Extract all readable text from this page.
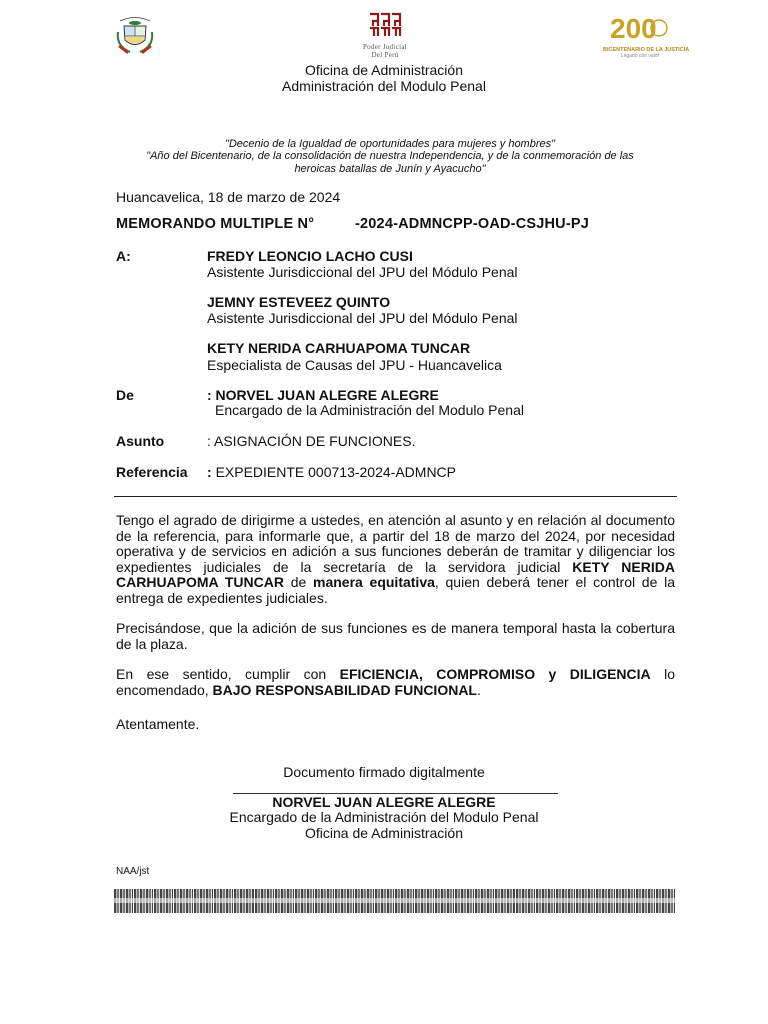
Poder Judicial
Del Perú
200
años
BICENTENARIO DE LA JUSTICIA
Legado con valor
Oficina de Administración
Administración del Modulo Penal
"Decenio de la Igualdad de oportunidades para mujeres y hombres"
"Año del Bicentenario, de la consolidación de nuestra Independencia, y de la conmemoración de las
heroicas batallas de Junín y Ayacucho"
Huancavelica, 18 de marzo de 2024
MEMORANDO MULTIPLE N°	-2024-ADMNCPP-OAD-CSJHU-PJ
A:	FREDY LEONCIO LACHO CUSI
Asistente Jurisdiccional del JPU del Módulo Penal
JEMNY ESTEVEEZ QUINTO
Asistente Jurisdiccional del JPU del Módulo Penal
KETY NERIDA CARHUAPOMA TUNCAR
Especialista de Causas del JPU - Huancavelica
De	: NORVEL JUAN ALEGRE ALEGRE
Encargado de la Administración del Modulo Penal
Asunto	: ASIGNACIÓN DE FUNCIONES.
Referencia : EXPEDIENTE 000713-2024-ADMNCP
Tengo el agrado de dirigirme a ustedes, en atención al asunto y en relación al documento de la referencia, para informarle que, a partir del 18 de marzo del 2024, por necesidad operativa y de servicios en adición a sus funciones deberán de tramitar y diligenciar los expedientes judiciales de la secretaría de la servidora judicial KETY NERIDA CARHUAPOMA TUNCAR de manera equitativa, quien deberá tener el control de la entrega de expedientes judiciales.
Precisándose, que la adición de sus funciones es de manera temporal hasta la cobertura de la plaza.
En ese sentido, cumplir con EFICIENCIA, COMPROMISO y DILIGENCIA lo encomendado, BAJO RESPONSABILIDAD FUNCIONAL.
Atentamente.
Documento firmado digitalmente
NORVEL JUAN ALEGRE ALEGRE
Encargado de la Administración del Modulo Penal
Oficina de Administración
NAA/jst
